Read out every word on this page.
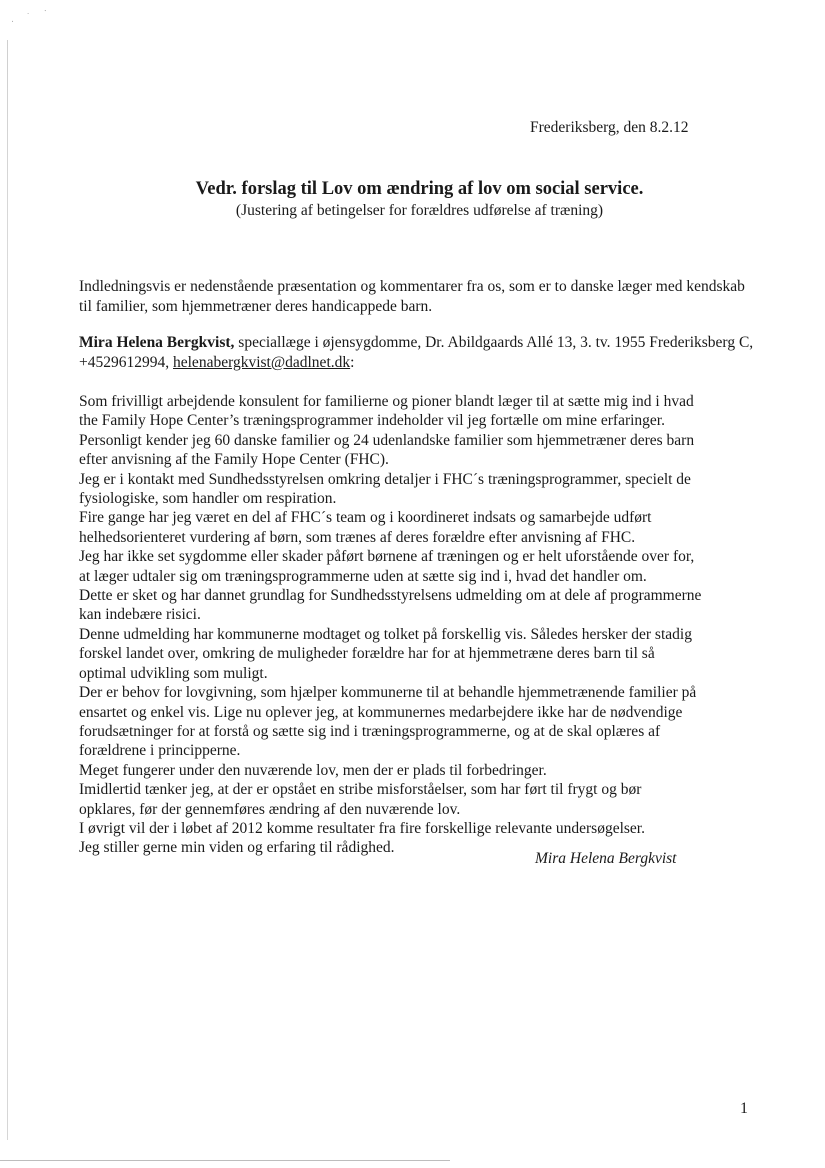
· ˙ ·
Frederiksberg, den 8.2.12
Vedr. forslag til Lov om ændring af lov om social service.
(Justering af betingelser for forældres udførelse af træning)

Indledningsvis er nedenstående præsentation og kommentarer fra os, som er to danske læger med kendskab til familier, som hjemmetræner deres handicappede barn.

Mira Helena Bergkvist, speciallæge i øjensygdomme, Dr. Abildgaards Allé 13, 3. tv. 1955 Frederiksberg C, +4529612994, helenabergkvist@dadlnet.dk:

Som frivilligt arbejdende konsulent for familierne og pioner blandt læger til at sætte mig ind i hvad
the Family Hope Center’s træningsprogrammer indeholder vil jeg fortælle om mine erfaringer.
Personligt kender jeg 60 danske familier og 24 udenlandske familier som hjemmetræner deres barn
efter anvisning af the Family Hope Center (FHC).
Jeg er i kontakt med Sundhedsstyrelsen omkring detaljer i FHC´s træningsprogrammer, specielt de
fysiologiske, som handler om respiration.
Fire gange har jeg været en del af FHC´s team og i koordineret indsats og samarbejde udført
helhedsorienteret vurdering af børn, som trænes af deres forældre efter anvisning af FHC.
Jeg har ikke set sygdomme eller skader påført børnene af træningen og er helt uforstående over for,
at læger udtaler sig om træningsprogrammerne uden at sætte sig ind i, hvad det handler om.
Dette er sket og har dannet grundlag for Sundhedsstyrelsens udmelding om at dele af programmerne
kan indebære risici.
Denne udmelding har kommunerne modtaget og tolket på forskellig vis. Således hersker der stadig
forskel landet over, omkring de muligheder forældre har for at hjemmetræne deres barn til så
optimal udvikling som muligt.
Der er behov for lovgivning, som hjælper kommunerne til at behandle hjemmetrænende familier på
ensartet og enkel vis. Lige nu oplever jeg, at kommunernes medarbejdere ikke har de nødvendige
forudsætninger for at forstå og sætte sig ind i træningsprogrammerne, og at de skal oplæres af
forældrene i principperne.
Meget fungerer under den nuværende lov, men der er plads til forbedringer.
Imidlertid tænker jeg, at der er opstået en stribe misforståelser, som har ført til frygt og bør
opklares, før der gennemføres ændring af den nuværende lov.
I øvrigt vil der i løbet af 2012 komme resultater fra fire forskellige relevante undersøgelser.
Jeg stiller gerne min viden og erfaring til rådighed.
Mira Helena Bergkvist
1
